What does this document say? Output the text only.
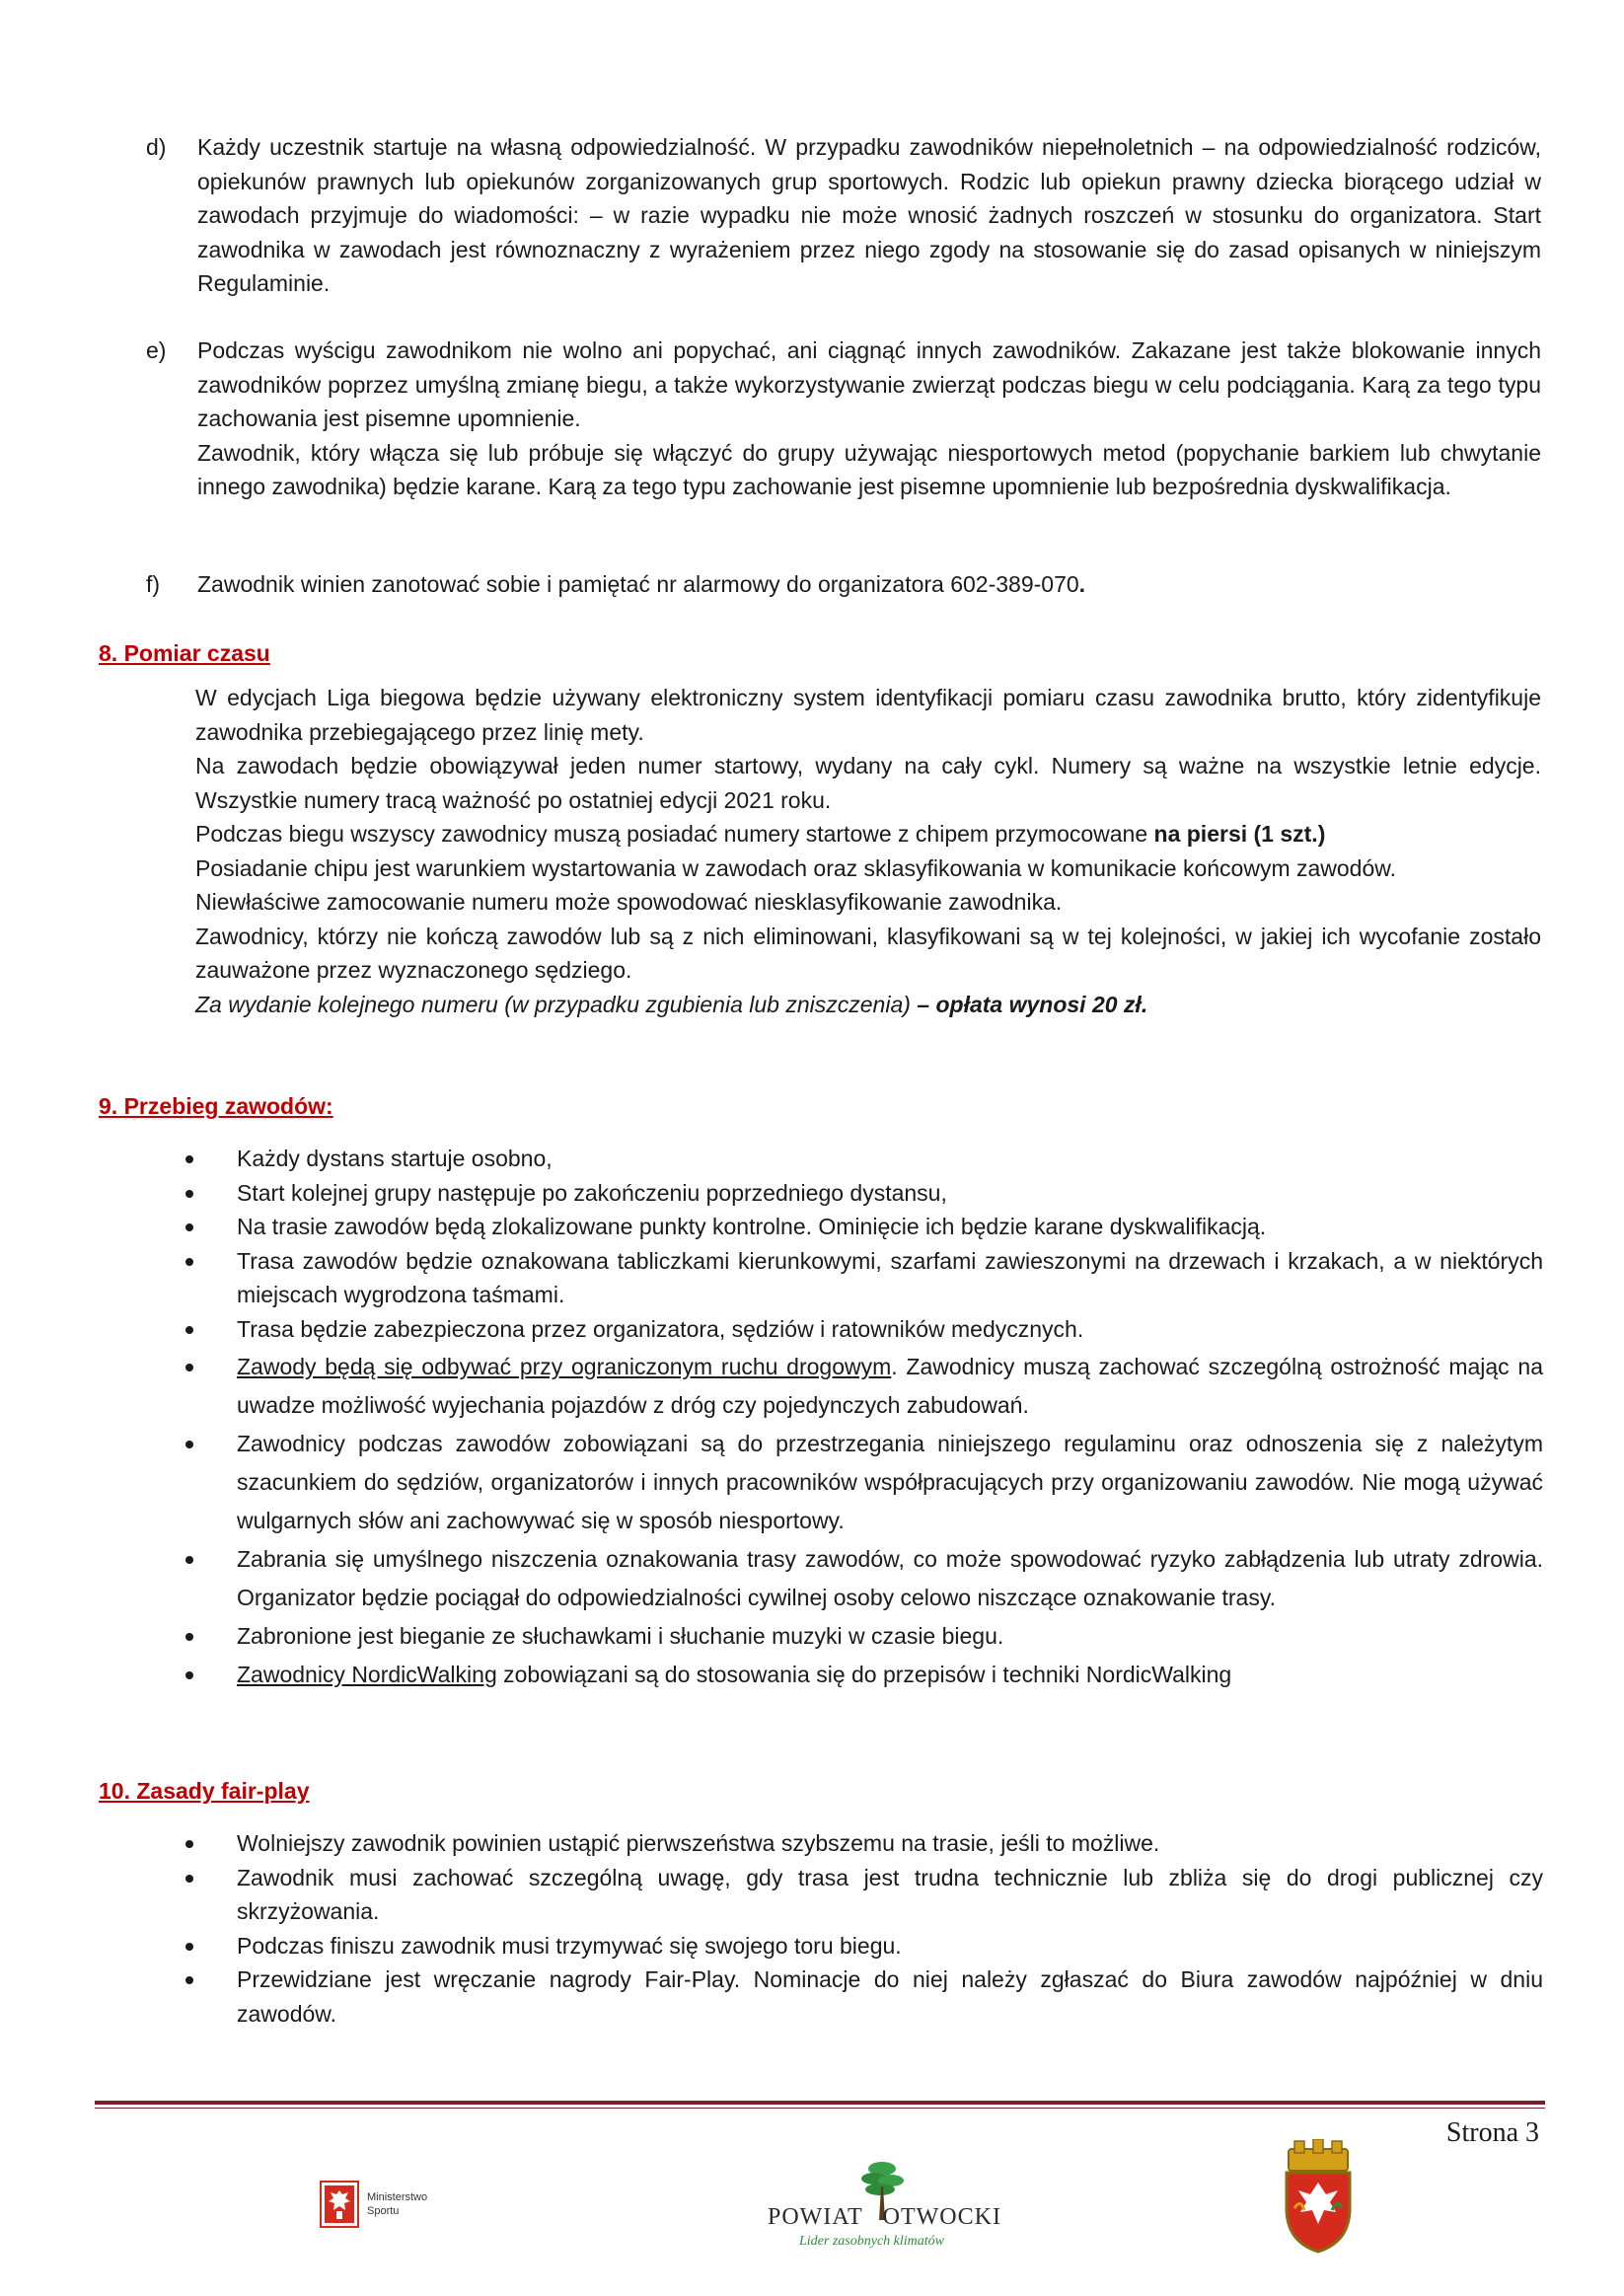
d)	Każdy uczestnik startuje na własną odpowiedzialność. W przypadku zawodników niepełnoletnich – na odpowiedzialność rodziców, opiekunów prawnych lub opiekunów zorganizowanych grup sportowych. Rodzic lub opiekun prawny dziecka biorącego udział w zawodach przyjmuje do wiadomości: – w razie wypadku nie może wnosić żadnych roszczeń w stosunku do organizatora. Start zawodnika w zawodach jest równoznaczny z wyrażeniem przez niego zgody na stosowanie się do zasad opisanych w niniejszym Regulaminie.

e)	Podczas wyścigu zawodnikom nie wolno ani popychać, ani ciągnąć innych zawodników. Zakazane jest także blokowanie innych zawodników poprzez umyślną zmianę biegu, a także wykorzystywanie zwierząt podczas biegu w celu podciągania. Karą za tego typu zachowania jest pisemne upomnienie.

Zawodnik, który włącza się lub próbuje się włączyć do grupy używając niesportowych metod (popychanie barkiem lub chwytanie innego zawodnika) będzie karane. Karą za tego typu zachowanie jest pisemne upomnienie lub bezpośrednia dyskwalifikacja.

f)	Zawodnik winien zanotować sobie i pamiętać nr alarmowy do organizatora 602-389-070.

8. Pomiar czasu

W edycjach Liga biegowa będzie używany elektroniczny system identyfikacji pomiaru czasu zawodnika brutto, który zidentyfikuje zawodnika przebiegającego przez linię mety.

Na zawodach będzie obowiązywał jeden numer startowy, wydany na cały cykl. Numery są ważne na wszystkie letnie edycje. Wszystkie numery tracą ważność po ostatniej edycji 2021 roku.

Podczas biegu wszyscy zawodnicy muszą posiadać numery startowe z chipem przymocowane na piersi (1 szt.)

Posiadanie chipu jest warunkiem wystartowania w zawodach oraz sklasyfikowania w komunikacie końcowym zawodów.

Niewłaściwe zamocowanie numeru może spowodować niesklasyfikowanie zawodnika.

Zawodnicy, którzy nie kończą zawodów lub są z nich eliminowani, klasyfikowani są w tej kolejności, w jakiej ich wycofanie zostało zauważone przez wyznaczonego sędziego.

Za wydanie kolejnego numeru (w przypadku zgubienia lub zniszczenia) – opłata wynosi 20 zł.

9. Przebieg zawodów:
Każdy dystans startuje osobno,
Start kolejnej grupy następuje po zakończeniu poprzedniego dystansu,
Na trasie zawodów będą zlokalizowane punkty kontrolne. Ominięcie ich będzie karane dyskwalifikacją.
Trasa zawodów będzie oznakowana tabliczkami kierunkowymi, szarfami zawieszonymi na drzewach i krzakach, a w niektórych miejscach wygrodzona taśmami.
Trasa będzie zabezpieczona przez organizatora, sędziów i ratowników medycznych.
Zawody będą się odbywać przy ograniczonym ruchu drogowym. Zawodnicy muszą zachować szczególną ostrożność mając na uwadze możliwość wyjechania pojazdów z dróg czy pojedynczych zabudowań.
Zawodnicy podczas zawodów zobowiązani są do przestrzegania niniejszego regulaminu oraz odnoszenia się z należytym szacunkiem do sędziów, organizatorów i innych pracowników współpracujących przy organizowaniu zawodów. Nie mogą używać wulgarnych słów ani zachowywać się w sposób niesportowy.
Zabrania się umyślnego niszczenia oznakowania trasy zawodów, co może spowodować ryzyko zabłądzenia lub utraty zdrowia. Organizator będzie pociągał do odpowiedzialności cywilnej osoby celowo niszczące oznakowanie trasy.
Zabronione jest bieganie ze słuchawkami i słuchanie muzyki w czasie biegu.
Zawodnicy NordicWalking zobowiązani są do stosowania się do przepisów i techniki NordicWalking
10. Zasady fair-play
Wolniejszy zawodnik powinien ustąpić pierwszeństwa szybszemu na trasie, jeśli to możliwe.
Zawodnik musi zachować szczególną uwagę, gdy trasa jest trudna technicznie lub zbliża się do drogi publicznej czy skrzyżowania.
Podczas finiszu zawodnik musi trzymywać się swojego toru biegu.
Przewidziane jest wręczanie nagrody Fair-Play. Nominacje do niej należy zgłaszać do Biura zawodów najpóźniej w dniu zawodów.
Strona 3
Ministerstwo
Sportu	POWIAT OTWOCKI
Lider zasobnych klimatów
